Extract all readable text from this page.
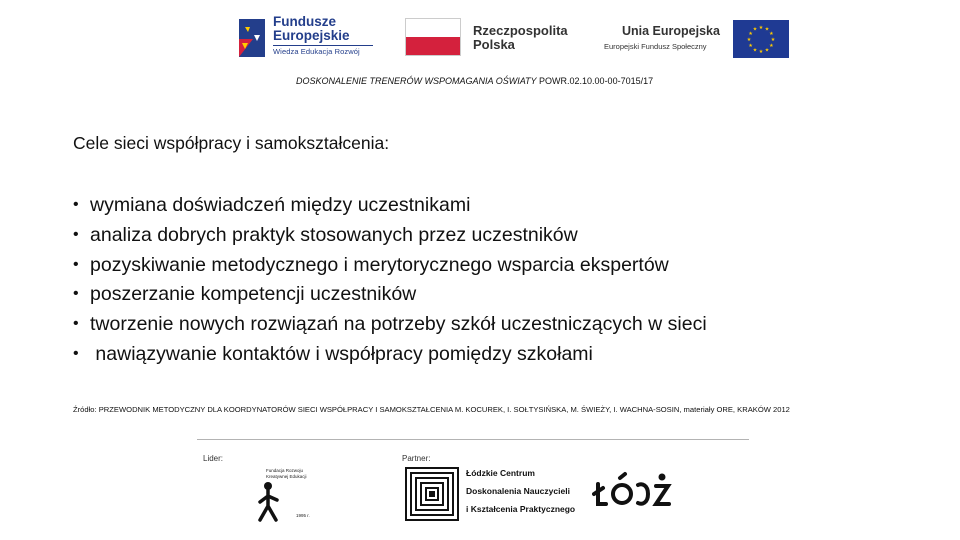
Fundusze
Europejskie
Wiedza Edukacja Rozwój
Rzeczpospolita
Polska
Unia Europejska
Europejski Fundusz Społeczny
★ ★
★
★
★
★
★
★
★
★
★
★
DOSKONALENIE TRENERÓW WSPOMAGANIA OŚWIATY POWR.02.10.00-00-7015/17
Cele sieci współpracy i samokształcenia:
• wymiana doświadczeń między uczestnikami
• analiza dobrych praktyk stosowanych przez uczestników
• pozyskiwanie metodycznego i merytorycznego wsparcia ekspertów
• poszerzanie kompetencji uczestników
• tworzenie nowych rozwiązań na potrzeby szkół uczestniczących w sieci
• nawiązywanie kontaktów i współpracy pomiędzy szkołami
Źródło: PRZEWODNIK METODYCZNY DLA KOORDYNATORÓW SIECI WSPÓŁPRACY I SAMOKSZTAŁCENIA M. KOCUREK, I. SOŁTYSIŃSKA, M. ŚWIEŻY, I. WACHNA-SOSIN, materiały ORE, KRAKÓW 2012
Lider:	Partner:
Fundacja Rozwoju
Kreatywnej Edukacji
1995 r.
Łódzkie Centrum
Doskonalenia Nauczycieli
i Kształcenia Praktycznego
